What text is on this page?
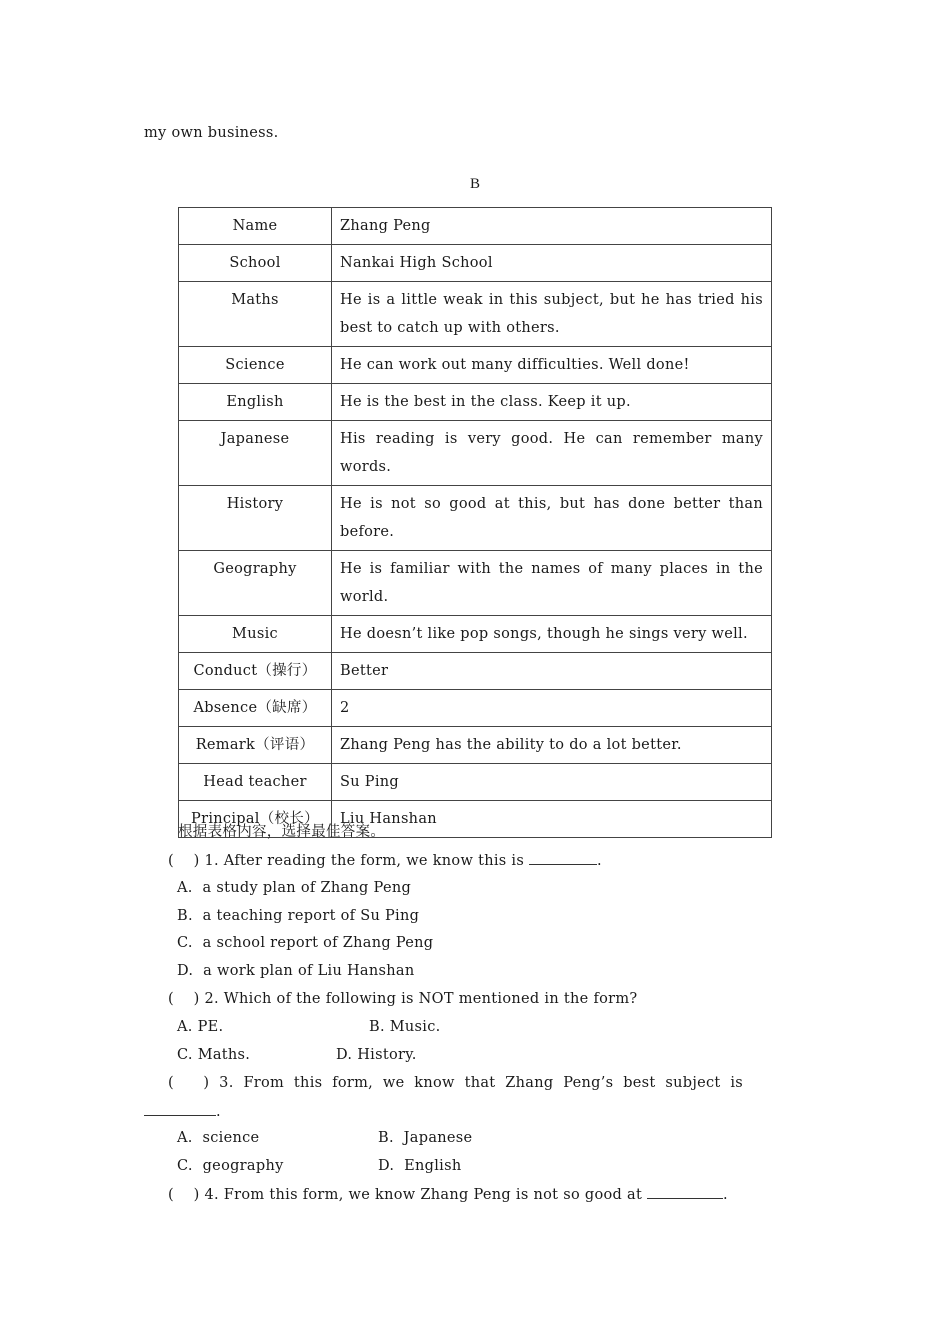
my own business.
B
Name	Zhang Peng
School	Nankai High School
Maths	He is a little weak in this subject, but he has tried his best to catch up with others.
Science	He can work out many difficulties. Well done!
English	He is the best in the class. Keep it up.
Japanese	His reading is very good. He can remember many words.
History	He is not so good at this, but has done better than before.
Geography	He is familiar with the names of many places in the world.
Music	He doesn’t like pop songs, though he sings very well.
Conduct（操行）	Better
Absence（缺席）	2
Remark（评语）	Zhang Peng has the ability to do a lot better.
Head teacher	Su Ping
Principal（校长）	Liu Hanshan
根据表格内容，选择最佳答案。
(    ) 1. After reading the form, we know this is	.
A.  a study plan of Zhang Peng
B.  a teaching report of Su Ping
C.  a school report of Zhang Peng
D.  a work plan of Liu Hanshan
(    ) 2. Which of the following is NOT mentioned in the form?
A. PE.	B. Music.
C. Maths.	D. History.
(      )  3.  From  this  form,  we  know  that  Zhang  Peng’s  best  subject  is
.
A.  science	B.  Japanese
C.  geography	D.  English
(    ) 4. From this form, we know Zhang Peng is not so good at	.
